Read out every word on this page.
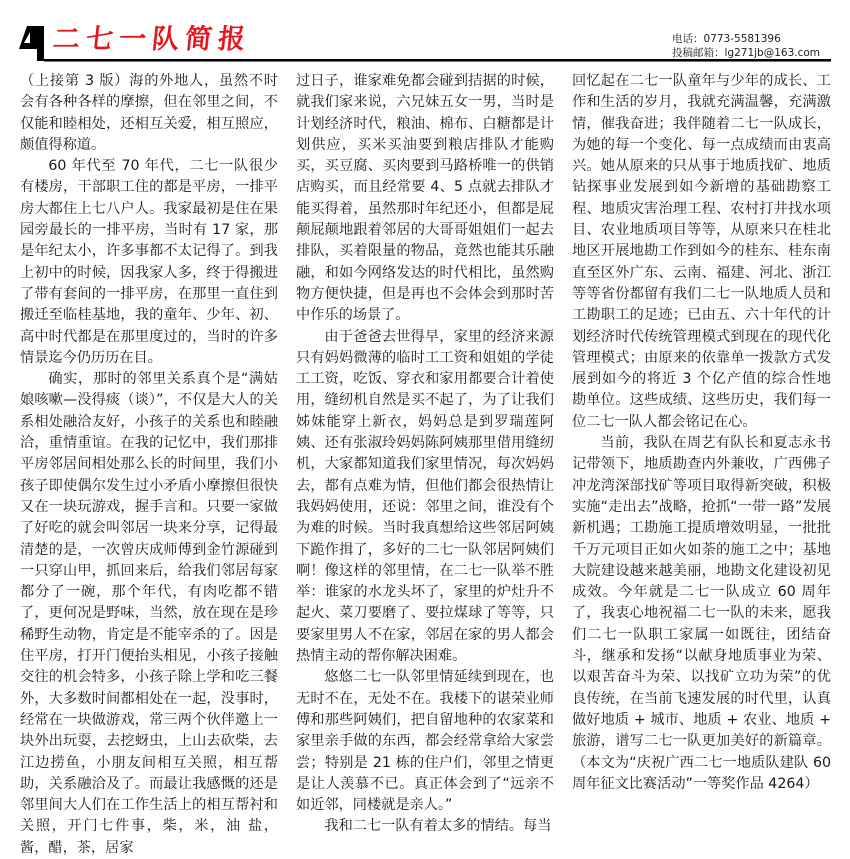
二七一队简报	电话：0773-5581396
投稿邮箱：lg271jb@163.com

（上接第 3 版）海的外地人，虽然不时会有各种各样的摩擦，但在邻里之间，不仅能和睦相处，还相互关爱，相互照应，颇值得称道。

60 年代至 70 年代，二七一队很少有楼房，干部职工住的都是平房，一排平房大都住上七八户人。我家最初是住在果园旁最长的一排平房，当时有 17 家，那是年纪太小，许多事都不太记得了。到我上初中的时候，因我家人多，终于得搬进了带有套间的一排平房，在那里一直住到搬迁至临桂基地，我的童年、少年、初、高中时代都是在那里度过的，当时的许多情景迄今仍历历在目。

确实，那时的邻里关系真个是“满姑娘咳嗽—没得痰（谈）”，不仅是大人的关系相处融洽友好，小孩子的关系也和睦融洽，重情重谊。在我的记忆中，我们那排平房邻居间相处那么长的时间里，我们小孩子即使偶尔发生过小矛盾小摩擦但很快又在一块玩游戏，握手言和。只要一家做了好吃的就会叫邻居一块来分享，记得最清楚的是，一次曾庆成师傅到金竹源碰到一只穿山甲，抓回来后，给我们邻居每家都分了一碗，那个年代，有肉吃都不错了，更何况是野味，当然，放在现在是珍稀野生动物，肯定是不能宰杀的了。因是住平房，打开门便抬头相见，小孩子接触交往的机会特多，小孩子除上学和吃三餐外，大多数时间都相处在一起，没事时，经常在一块做游戏，常三两个伙伴邀上一块外出玩耍，去挖蚜虫，上山去砍柴，去江边捞鱼，小朋友间相互关照，相互帮助，关系融洽及了。而最让我感慨的还是邻里间大人们在工作生活上的相互帮衬和关照，开门七件事，柴，米，油 盐，酱，醋，茶，居家

过日子，谁家难免都会碰到拮据的时候，就我们家来说，六兄妹五女一男，当时是计划经济时代，粮油、棉布、白糖都是计划供应，买米买油要到粮店排队才能购买，买豆腐、买肉要到马路桥唯一的供销店购买，而且经常要 4、5 点就去排队才能买得着，虽然那时年纪还小，但都是屁颠屁颠地跟着邻居的大哥哥姐姐们一起去排队，买着限量的物品，竟然也能其乐融融，和如今网络发达的时代相比，虽然购物方便快捷，但是再也不会体会到那时苦中作乐的场景了。

由于爸爸去世得早，家里的经济来源只有妈妈微薄的临时工工资和姐姐的学徒工工资，吃饭、穿衣和家用都要合计着使用，缝纫机自然是买不起了，为了让我们姊妹能穿上新衣，妈妈总是到罗瑞莲阿姨、还有张淑玲妈妈陈阿姨那里借用缝纫机，大家都知道我们家里情况，每次妈妈去，都有点难为情，但他们都会很热情让我妈妈使用，还说：邻里之间，谁没有个为难的时候。当时我真想给这些邻居阿姨下跪作揖了，多好的二七一队邻居阿姨们啊！像这样的邻里情，在二七一队举不胜举：谁家的水龙头坏了，家里的炉灶升不起火、菜刀要磨了、要拉煤球了等等，只要家里男人不在家，邻居在家的男人都会热情主动的帮你解决困难。

悠悠二七一队邻里情延续到现在，也无时不在，无处不在。我楼下的谌荣业师傅和那些阿姨们，把自留地种的农家菜和家里亲手做的东西，都会经常拿给大家尝尝；特别是 21 栋的住户们，邻里之情更是让人羡慕不已。真正体会到了“远亲不如近邻，同楼就是亲人。”

我和二七一队有着太多的情结。每当

回忆起在二七一队童年与少年的成长、工作和生活的岁月，我就充满温馨，充满激情，催我奋进；我伴随着二七一队成长，为她的每一个变化、每一点成绩而由衷高兴。她从原来的只从事于地质找矿、地质钻探事业发展到如今新增的基础勘察工程、地质灾害治理工程、农村打井找水项目、农业地质项目等等，从原来只在桂北地区开展地勘工作到如今的桂东、桂东南直至区外广东、云南、福建、河北、浙江等等省份都留有我们二七一队地质人员和工勘职工的足迹；已由五、六十年代的计划经济时代传统管理模式到现在的现代化管理模式；由原来的依靠单一拨款方式发展到如今的将近 3 个亿产值的综合性地勘单位。这些成绩、这些历史，我们每一位二七一队人都会铭记在心。

当前，我队在周艺有队长和夏志永书记带领下，地质勘查内外兼收，广西佛子冲龙湾深部找矿等项目取得新突破，积极实施“走出去”战略，抢抓“一带一路”发展新机遇；工勘施工提质增效明显，一批批千万元项目正如火如荼的施工之中；基地大院建设越来越美丽，地勘文化建设初见成效。今年就是二七一队成立 60 周年了，我衷心地祝福二七一队的未来，愿我们二七一队职工家属一如既往，团结奋斗，继承和发扬“以献身地质事业为荣、以艰苦奋斗为荣、以找矿立功为荣”的优良传统，在当前飞速发展的时代里，认真做好地质 + 城市、地质 + 农业、地质 + 旅游，谱写二七一队更加美好的新篇章。（本文为“庆祝广西二七一地质队建队 60 周年征文比赛活动”一等奖作品 4264）
